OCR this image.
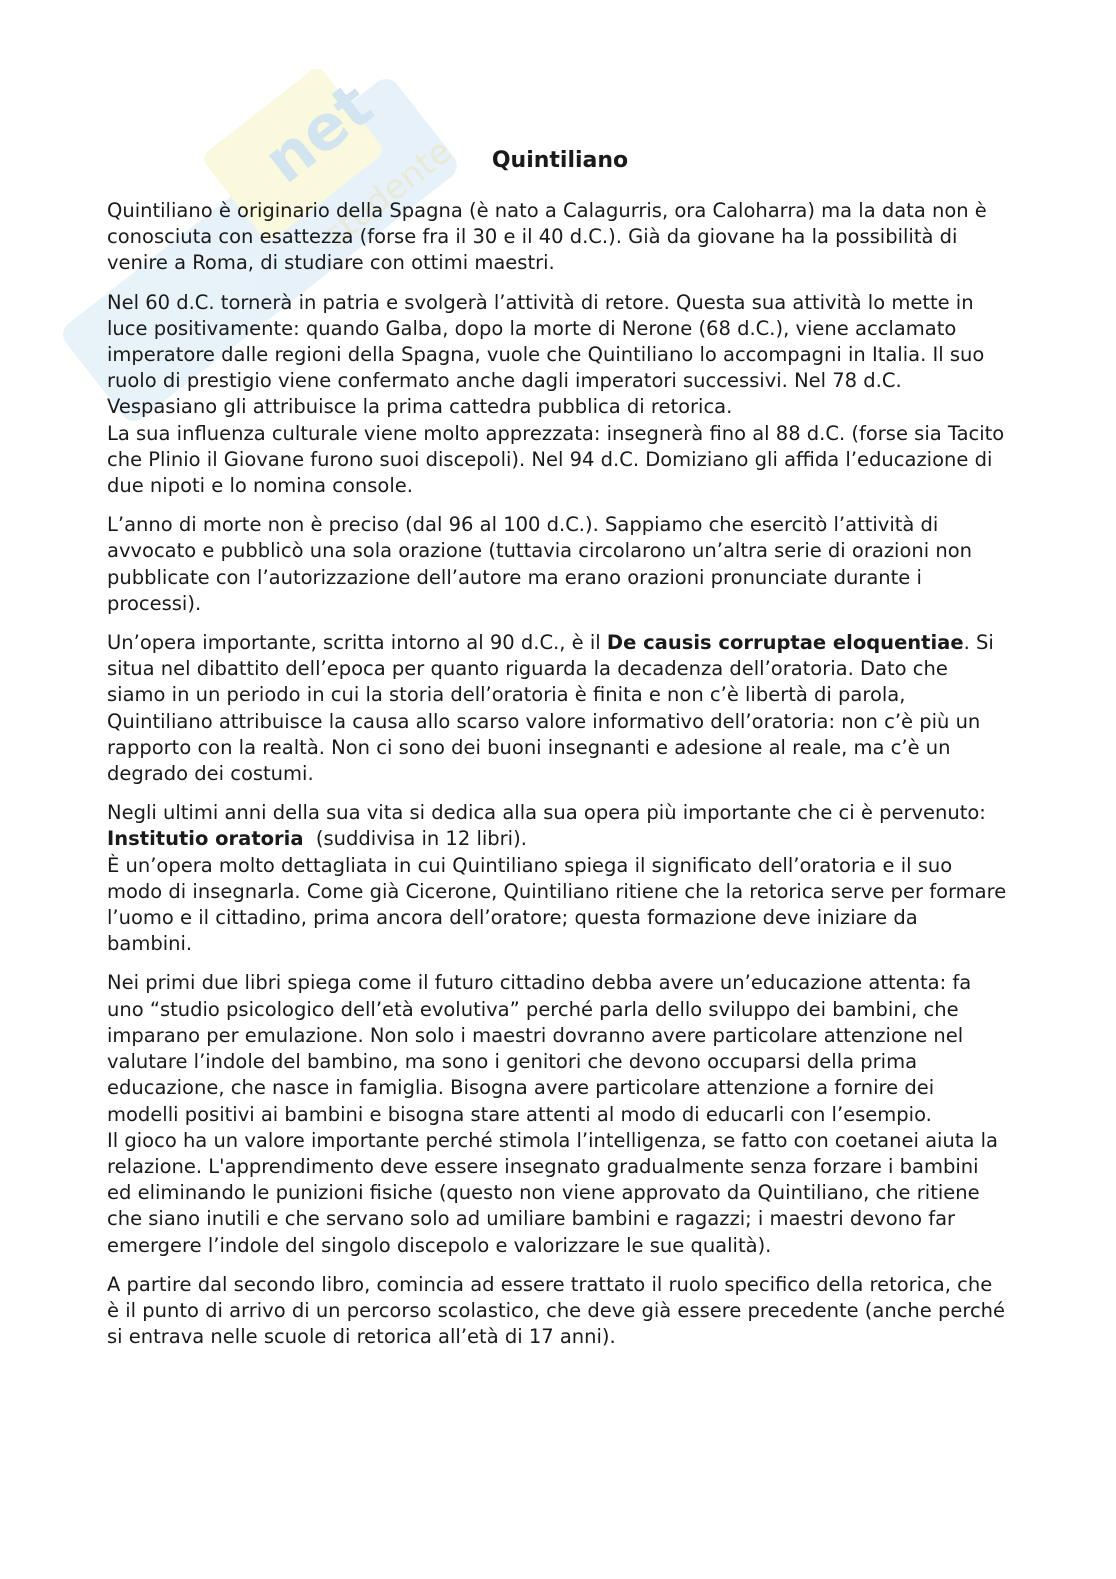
net
studente	Quintiliano

Quintiliano è originario della Spagna (è nato a Calagurris, ora Caloharra) ma la data non è conosciuta con esattezza (forse fra il 30 e il 40 d.C.). Già da giovane ha la possibilità di venire a Roma, di studiare con ottimi maestri.

Nel 60 d.C. tornerà in patria e svolgerà l’attività di retore. Questa sua attività lo mette in luce positivamente: quando Galba, dopo la morte di Nerone (68 d.C.), viene acclamato imperatore dalle regioni della Spagna, vuole che Quintiliano lo accompagni in Italia. Il suo ruolo di prestigio viene confermato anche dagli imperatori successivi. Nel 78 d.C. Vespasiano gli attribuisce la prima cattedra pubblica di retorica.
La sua influenza culturale viene molto apprezzata: insegnerà fino al 88 d.C. (forse sia Tacito che Plinio il Giovane furono suoi discepoli). Nel 94 d.C. Domiziano gli affida l’educazione di due nipoti e lo nomina console.

L’anno di morte non è preciso (dal 96 al 100 d.C.). Sappiamo che esercitò l’attività di avvocato e pubblicò una sola orazione (tuttavia circolarono un’altra serie di orazioni non pubblicate con l’autorizzazione dell’autore ma erano orazioni pronunciate durante i processi).

Un’opera importante, scritta intorno al 90 d.C., è il De causis corruptae eloquentiae. Si situa nel dibattito dell’epoca per quanto riguarda la decadenza dell’oratoria. Dato che siamo in un periodo in cui la storia dell’oratoria è finita e non c’è libertà di parola, Quintiliano attribuisce la causa allo scarso valore informativo dell’oratoria: non c’è più un rapporto con la realtà. Non ci sono dei buoni insegnanti e adesione al reale, ma c’è un degrado dei costumi.

Negli ultimi anni della sua vita si dedica alla sua opera più importante che ci è pervenuto: Institutio oratoria  (suddivisa in 12 libri).
È un’opera molto dettagliata in cui Quintiliano spiega il significato dell’oratoria e il suo modo di insegnarla. Come già Cicerone, Quintiliano ritiene che la retorica serve per formare l’uomo e il cittadino, prima ancora dell’oratore; questa formazione deve iniziare da bambini.

Nei primi due libri spiega come il futuro cittadino debba avere un’educazione attenta: fa uno “studio psicologico dell’età evolutiva” perché parla dello sviluppo dei bambini, che imparano per emulazione. Non solo i maestri dovranno avere particolare attenzione nel valutare l’indole del bambino, ma sono i genitori che devono occuparsi della prima educazione, che nasce in famiglia. Bisogna avere particolare attenzione a fornire dei modelli positivi ai bambini e bisogna stare attenti al modo di educarli con l’esempio.
Il gioco ha un valore importante perché stimola l’intelligenza, se fatto con coetanei aiuta la relazione. L'apprendimento deve essere insegnato gradualmente senza forzare i bambini ed eliminando le punizioni fisiche (questo non viene approvato da Quintiliano, che ritiene che siano inutili e che servano solo ad umiliare bambini e ragazzi; i maestri devono far emergere l’indole del singolo discepolo e valorizzare le sue qualità).

A partire dal secondo libro, comincia ad essere trattato il ruolo specifico della retorica, che è il punto di arrivo di un percorso scolastico, che deve già essere precedente (anche perché si entrava nelle scuole di retorica all’età di 17 anni).
